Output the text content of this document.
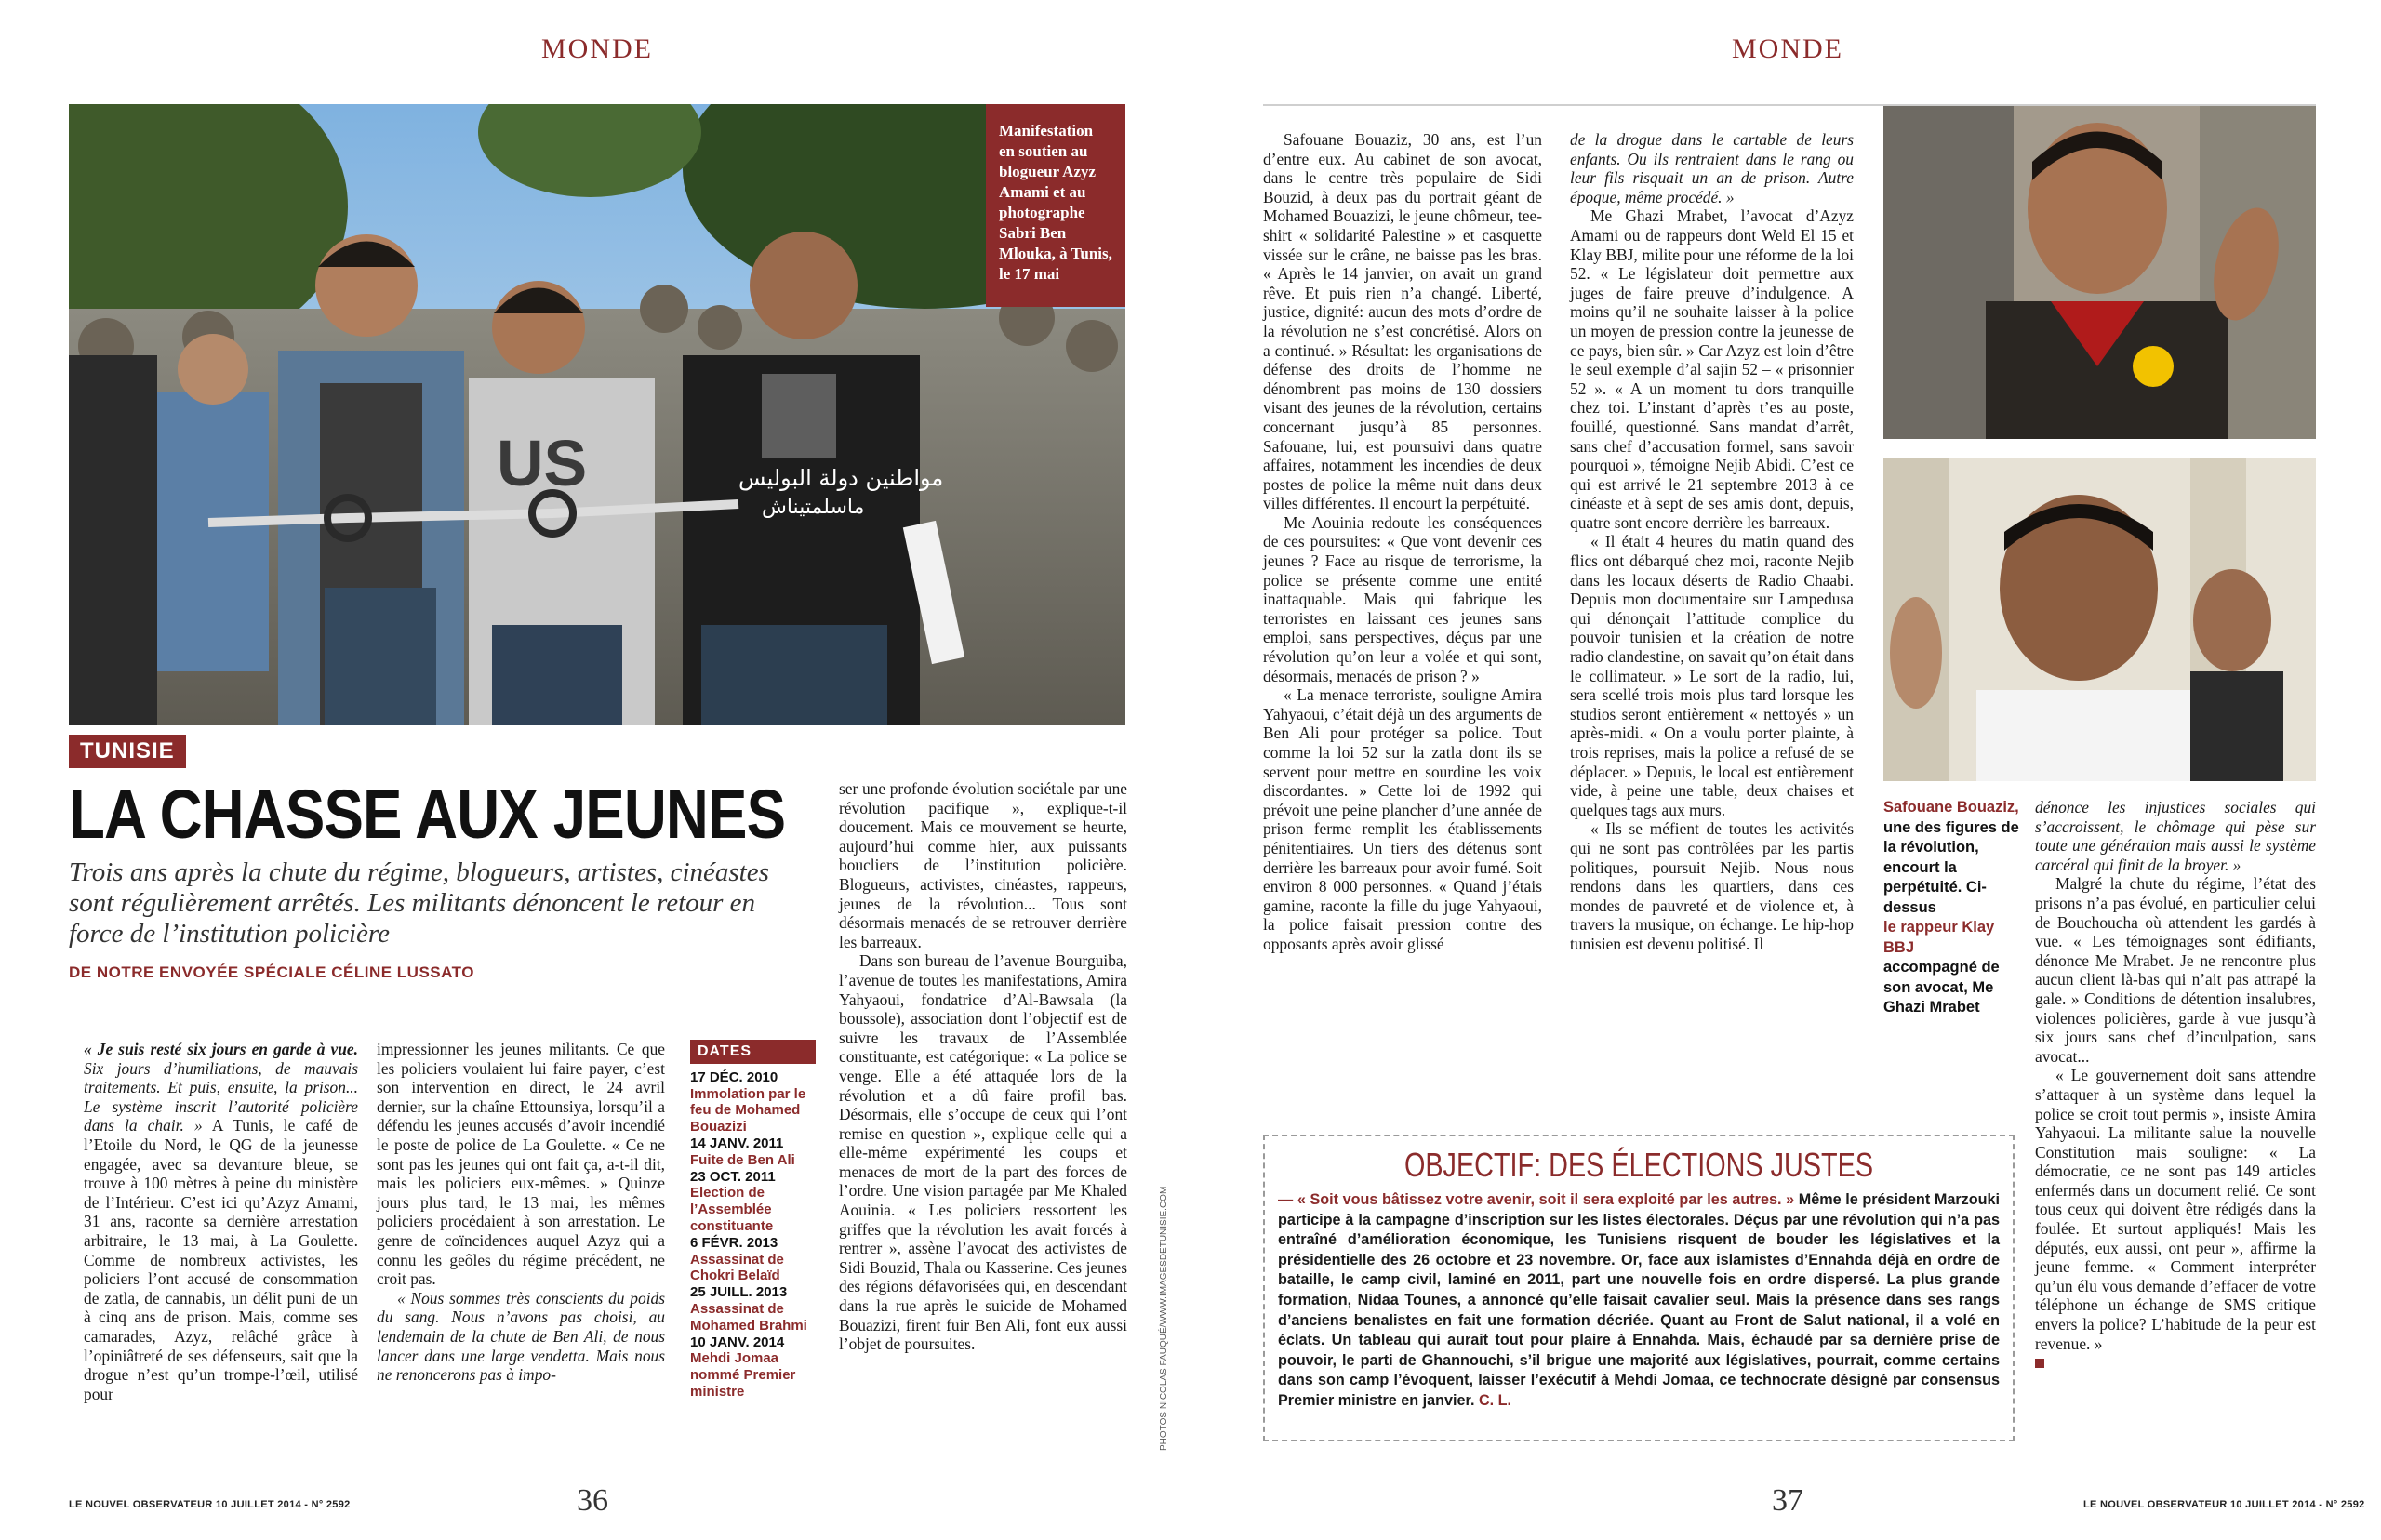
MONDE
US	مواطنين دولة البوليس
ماسلمتيناش
Manifestation en soutien au blogueur Azyz Amami et au photographe Sabri Ben Mlouka, à Tunis, le 17 mai
TUNISIE
LA CHASSE AUX JEUNES
Trois ans après la chute du régime, blogueurs, artistes, cinéastes sont régulièrement arrêtés. Les militants dénoncent le retour en force de l’institution policière
DE NOTRE ENVOYÉE SPÉCIALE CÉLINE LUSSATO

« Je suis resté six jours en garde à vue. Six jours d’humiliations, de mauvais traitements. Et puis, ensuite, la prison... Le système inscrit l’autorité policière dans la chair. » A Tunis, le café de l’Etoile du Nord, le QG de la jeunesse engagée, avec sa devanture bleue, se trouve à 100 mètres à peine du ministère de l’Intérieur. C’est ici qu’Azyz Amami, 31 ans, raconte sa dernière arrestation arbitraire, le 13 mai, à La Goulette. Comme de nombreux activistes, les policiers l’ont accusé de consommation de zatla, de cannabis, un délit puni de un à cinq ans de prison. Mais, comme ses camarades, Azyz, relâché grâce à l’opiniâtreté de ses défenseurs, sait que la drogue n’est qu’un trompe-l’œil, utilisé pour

impressionner les jeunes militants. Ce que les policiers voulaient lui faire payer, c’est son intervention en direct, le 24 avril dernier, sur la chaîne Ettounsiya, lorsqu’il a défendu les jeunes accusés d’avoir incendié le poste de police de La Goulette. « Ce ne sont pas les jeunes qui ont fait ça, a-t-il dit, mais les policiers eux-mêmes. » Quinze jours plus tard, le 13 mai, les mêmes policiers procédaient à son arrestation. Le genre de coïncidences auquel Azyz qui a connu les geôles du régime précédent, ne croit pas.

« Nous sommes très conscients du poids du sang. Nous n’avons pas choisi, au lendemain de la chute de Ben Ali, de nous lancer dans une large vendetta. Mais nous ne renoncerons pas à impo-

DATES
17 DÉC. 2010
Immolation par le feu de Mohamed Bouazizi
14 JANV. 2011
Fuite de Ben Ali
23 OCT. 2011
Election de l’Assemblée constituante
6 FÉVR. 2013
Assassinat de Chokri Belaïd
25 JUILL. 2013
Assassinat de Mohamed Brahmi
10 JANV. 2014
Mehdi Jomaa nommé Premier ministre

ser une profonde évolution sociétale par une révolution pacifique », explique-t-il doucement. Mais ce mouvement se heurte, aujourd’hui comme hier, aux puissants boucliers de l’institution policière. Blogueurs, activistes, cinéastes, rappeurs, jeunes de la révolution... Tous sont désormais menacés de se retrouver derrière les barreaux.

Dans son bureau de l’avenue Bourguiba, l’avenue de toutes les manifestations, Amira Yahyaoui, fondatrice d’Al-Bawsala (la boussole), association dont l’objectif est de suivre les travaux de l’Assemblée constituante, est catégorique: « La police se venge. Elle a été attaquée lors de la révolution et a dû faire profil bas. Désormais, elle s’occupe de ceux qui l’ont remise en question », explique celle qui a elle-même expérimenté les coups et menaces de mort de la part des forces de l’ordre. Une vision partagée par Me Khaled Aouinia. « Les policiers ressortent les griffes que la révolution les avait forcés à rentrer », assène l’avocat des activistes de Sidi Bouzid, Thala ou Kasserine. Ces jeunes des régions défavorisées qui, en descendant dans la rue après le suicide de Mohamed Bouazizi, firent fuir Ben Ali, font eux aussi l’objet de poursuites.	PHOTOS NICOLAS FAUQUÉ/WWW.IMAGESDETUNISIE.COM
LE NOUVEL OBSERVATEUR 10 JUILLET 2014 - N° 2592	36
MONDE

Safouane Bouaziz, 30 ans, est l’un d’entre eux. Au cabinet de son avocat, dans le centre très populaire de Sidi Bouzid, à deux pas du portrait géant de Mohamed Bouazizi, le jeune chômeur, tee-shirt « solidarité Palestine » et casquette vissée sur le crâne, ne baisse pas les bras. « Après le 14 janvier, on avait un grand rêve. Et puis rien n’a changé. Liberté, justice, dignité: aucun des mots d’ordre de la révolution ne s’est concrétisé. Alors on a continué. » Résultat: les organisations de défense des droits de l’homme ne dénombrent pas moins de 130 dossiers visant des jeunes de la révolution, certains concernant jusqu’à 85 personnes. Safouane, lui, est poursuivi dans quatre affaires, notamment les incendies de deux postes de police la même nuit dans deux villes différentes. Il encourt la perpétuité.

Me Aouinia redoute les conséquences de ces poursuites: « Que vont devenir ces jeunes ? Face au risque de terrorisme, la police se présente comme une entité inattaquable. Mais qui fabrique les terroristes en laissant ces jeunes sans emploi, sans perspectives, déçus par une révolution qu’on leur a volée et qui sont, désormais, menacés de prison ? »

« La menace terroriste, souligne Amira Yahyaoui, c’était déjà un des arguments de Ben Ali pour protéger sa police. Tout comme la loi 52 sur la zatla dont ils se servent pour mettre en sourdine les voix discordantes. » Cette loi de 1992 qui prévoit une peine plancher d’une année de prison ferme remplit les établissements pénitentiaires. Un tiers des détenus sont derrière les barreaux pour avoir fumé. Soit environ 8 000 personnes. « Quand j’étais gamine, raconte la fille du juge Yahyaoui, la police faisait pression contre des opposants après avoir glissé

de la drogue dans le cartable de leurs enfants. Ou ils rentraient dans le rang ou leur fils risquait un an de prison. Autre époque, même procédé. »

Me Ghazi Mrabet, l’avocat d’Azyz Amami ou de rappeurs dont Weld El 15 et Klay BBJ, milite pour une réforme de la loi 52. « Le législateur doit permettre aux juges de faire preuve d’indulgence. A moins qu’il ne souhaite laisser à la police un moyen de pression contre la jeunesse de ce pays, bien sûr. » Car Azyz est loin d’être le seul exemple d’al sajin 52 – « prisonnier 52 ». « A un moment tu dors tranquille chez toi. L’instant d’après t’es au poste, fouillé, questionné. Sans mandat d’arrêt, sans chef d’accusation formel, sans savoir pourquoi », témoigne Nejib Abidi. C’est ce qui est arrivé le 21 septembre 2013 à ce cinéaste et à sept de ses amis dont, depuis, quatre sont encore derrière les barreaux.

« Il était 4 heures du matin quand des flics ont débarqué chez moi, raconte Nejib dans les locaux déserts de Radio Chaabi. Depuis mon documentaire sur Lampedusa qui dénonçait l’attitude complice du pouvoir tunisien et la création de notre radio clandestine, on savait qu’on était dans le collimateur. » Le sort de la radio, lui, sera scellé trois mois plus tard lorsque les studios seront entièrement « nettoyés » un après-midi. « On a voulu porter plainte, à trois reprises, mais la police a refusé de se déplacer. » Depuis, le local est entièrement vide, à peine une table, deux chaises et quelques tags aux murs.

« Ils se méfient de toutes les activités qui ne sont pas contrôlées par les partis politiques, poursuit Nejib. Nous nous rendons dans les quartiers, dans ces mondes de pauvreté et de violence et, à travers la musique, on échange. Le hip-hop tunisien est devenu politisé. Il

Safouane Bouaziz,
une des figures de la révolution, encourt la perpétuité. Ci-dessus
le rappeur Klay BBJ
accompagné de son avocat, Me Ghazi Mrabet

dénonce les injustices sociales qui s’accroissent, le chômage qui pèse sur toute une génération mais aussi le système carcéral qui finit de la broyer. »

Malgré la chute du régime, l’état des prisons n’a pas évolué, en particulier celui de Bouchoucha où attendent les gardés à vue. « Les témoignages sont édifiants, dénonce Me Mrabet. Je ne rencontre plus aucun client là-bas qui n’ait pas attrapé la gale. » Conditions de détention insalubres, violences policières, garde à vue jusqu’à six jours sans chef d’inculpation, sans avocat...

« Le gouvernement doit sans attendre s’attaquer à un système dans lequel la police se croit tout permis », insiste Amira Yahyaoui. La militante salue la nouvelle Constitution mais souligne: « La démocratie, ce ne sont pas 149 articles enfermés dans un document relié. Ce sont tous ceux qui doivent être rédigés dans la foulée. Et surtout appliqués! Mais les députés, eux aussi, ont peur », affirme la jeune femme. « Comment interpréter qu’un élu vous demande d’effacer de votre téléphone un échange de SMS critique envers la police? L’habitude de la peur est revenue. »

OBJECTIF: DES ÉLECTIONS JUSTES
— « Soit vous bâtissez votre avenir, soit il sera exploité par les autres. » Même le président Marzouki participe à la campagne d’inscription sur les listes électorales. Déçus par une révolution qui n’a pas entraîné d’amélioration économique, les Tunisiens risquent de bouder les législatives et la présidentielle des 26 octobre et 23 novembre. Or, face aux islamistes d’Ennahda déjà en ordre de bataille, le camp civil, laminé en 2011, part une nouvelle fois en ordre dispersé. La plus grande formation, Nidaa Tounes, a annoncé qu’elle faisait cavalier seul. Mais la présence dans ses rangs d’anciens benalistes en fait une formation décriée. Quant au Front de Salut national, il a volé en éclats. Un tableau qui aurait tout pour plaire à Ennahda. Mais, échaudé par sa dernière prise de pouvoir, le parti de Ghannouchi, s’il brigue une majorité aux législatives, pourrait, comme certains dans son camp l’évoquent, laisser l’exécutif à Mehdi Jomaa, ce technocrate désigné par consensus Premier ministre en janvier. C. L.
37	LE NOUVEL OBSERVATEUR 10 JUILLET 2014 - N° 2592
